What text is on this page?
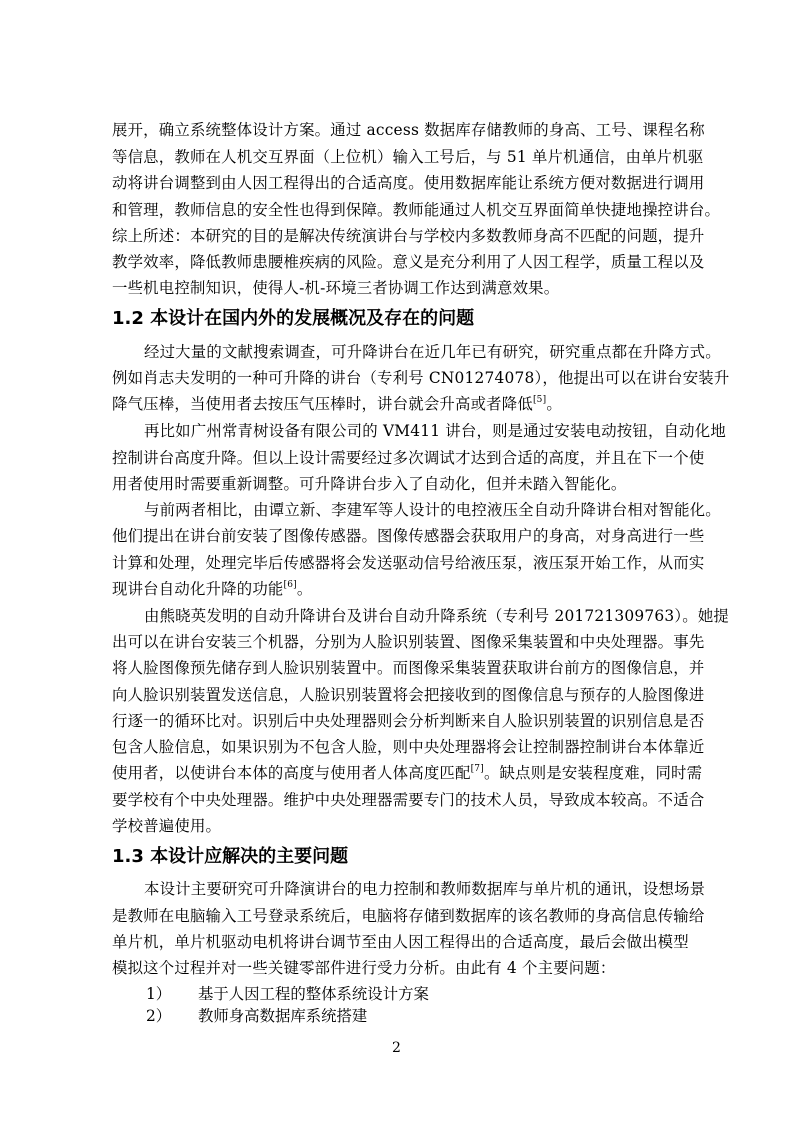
展开，确立系统整体设计方案。通过 access 数据库存储教师的身高、工号、课程名称
等信息，教师在人机交互界面（上位机）输入工号后，与 51 单片机通信，由单片机驱
动将讲台调整到由人因工程得出的合适高度。使用数据库能让系统方便对数据进行调用
和管理，教师信息的安全性也得到保障。教师能通过人机交互界面简单快捷地操控讲台。
综上所述：本研究的目的是解决传统演讲台与学校内多数教师身高不匹配的问题，提升
教学效率，降低教师患腰椎疾病的风险。意义是充分利用了人因工程学，质量工程以及
一些机电控制知识，使得人-机-环境三者协调工作达到满意效果。
1.2 本设计在国内外的发展概况及存在的问题
经过大量的文献搜索调查，可升降讲台在近几年已有研究，研究重点都在升降方式。
例如肖志夫发明的一种可升降的讲台（专利号 CN01274078），他提出可以在讲台安装升
降气压棒，当使用者去按压气压棒时，讲台就会升高或者降低[5]。
再比如广州常青树设备有限公司的 VM411 讲台，则是通过安装电动按钮，自动化地
控制讲台高度升降。但以上设计需要经过多次调试才达到合适的高度，并且在下一个使
用者使用时需要重新调整。可升降讲台步入了自动化，但并未踏入智能化。
与前两者相比，由谭立新、李建军等人设计的电控液压全自动升降讲台相对智能化。
他们提出在讲台前安装了图像传感器。图像传感器会获取用户的身高，对身高进行一些
计算和处理，处理完毕后传感器将会发送驱动信号给液压泵，液压泵开始工作，从而实
现讲台自动化升降的功能[6]。
由熊晓英发明的自动升降讲台及讲台自动升降系统（专利号 201721309763）。她提
出可以在讲台安装三个机器，分别为人脸识别装置、图像采集装置和中央处理器。事先
将人脸图像预先储存到人脸识别装置中。而图像采集装置获取讲台前方的图像信息，并
向人脸识别装置发送信息，人脸识别装置将会把接收到的图像信息与预存的人脸图像进
行逐一的循环比对。识别后中央处理器则会分析判断来自人脸识别装置的识别信息是否
包含人脸信息，如果识别为不包含人脸，则中央处理器将会让控制器控制讲台本体靠近
使用者，以使讲台本体的高度与使用者人体高度匹配[7]。缺点则是安装程度难，同时需
要学校有个中央处理器。维护中央处理器需要专门的技术人员，导致成本较高。不适合
学校普遍使用。
1.3 本设计应解决的主要问题
本设计主要研究可升降演讲台的电力控制和教师数据库与单片机的通讯，设想场景
是教师在电脑输入工号登录系统后，电脑将存储到数据库的该名教师的身高信息传输给
单片机，单片机驱动电机将讲台调节至由人因工程得出的合适高度，最后会做出模型
模拟这个过程并对一些关键零部件进行受力分析。由此有 4 个主要问题：
1） 基于人因工程的整体系统设计方案
2） 教师身高数据库系统搭建
2
